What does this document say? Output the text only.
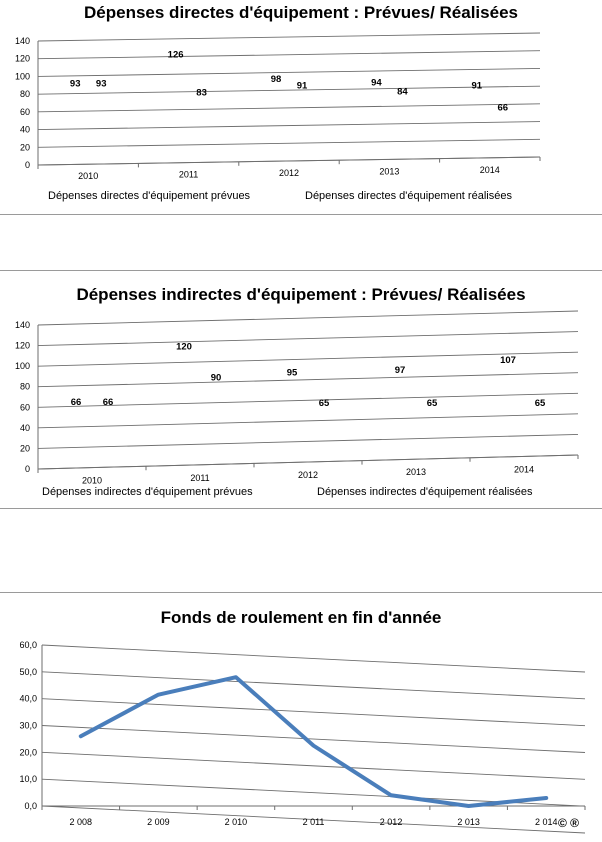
Dépenses directes d'équipement : Prévues/ Réalisées
0
20
40
60
80
100
120
140
2010	2011	2012	2013	2014
93
126
98	94	91
93
83
91
84
66
Dépenses directes d'équipement prévues	Dépenses directes d'équipement réalisées
Dépenses indirectes d'équipement : Prévues/ Réalisées
0
20
40
60
80
100
120
140
2010	2011	2012	2013	2014
66
120
95	97
107
66
90
65	65	65
Dépenses indirectes d'équipement prévues	Dépenses indirectes d'équipement réalisées
Fonds de roulement en fin d'année
0,0
10,0
20,0
30,0
40,0
50,0
60,0
2 008	2 009	2 010	2 011	2 012	2 013	2 014 © ®
